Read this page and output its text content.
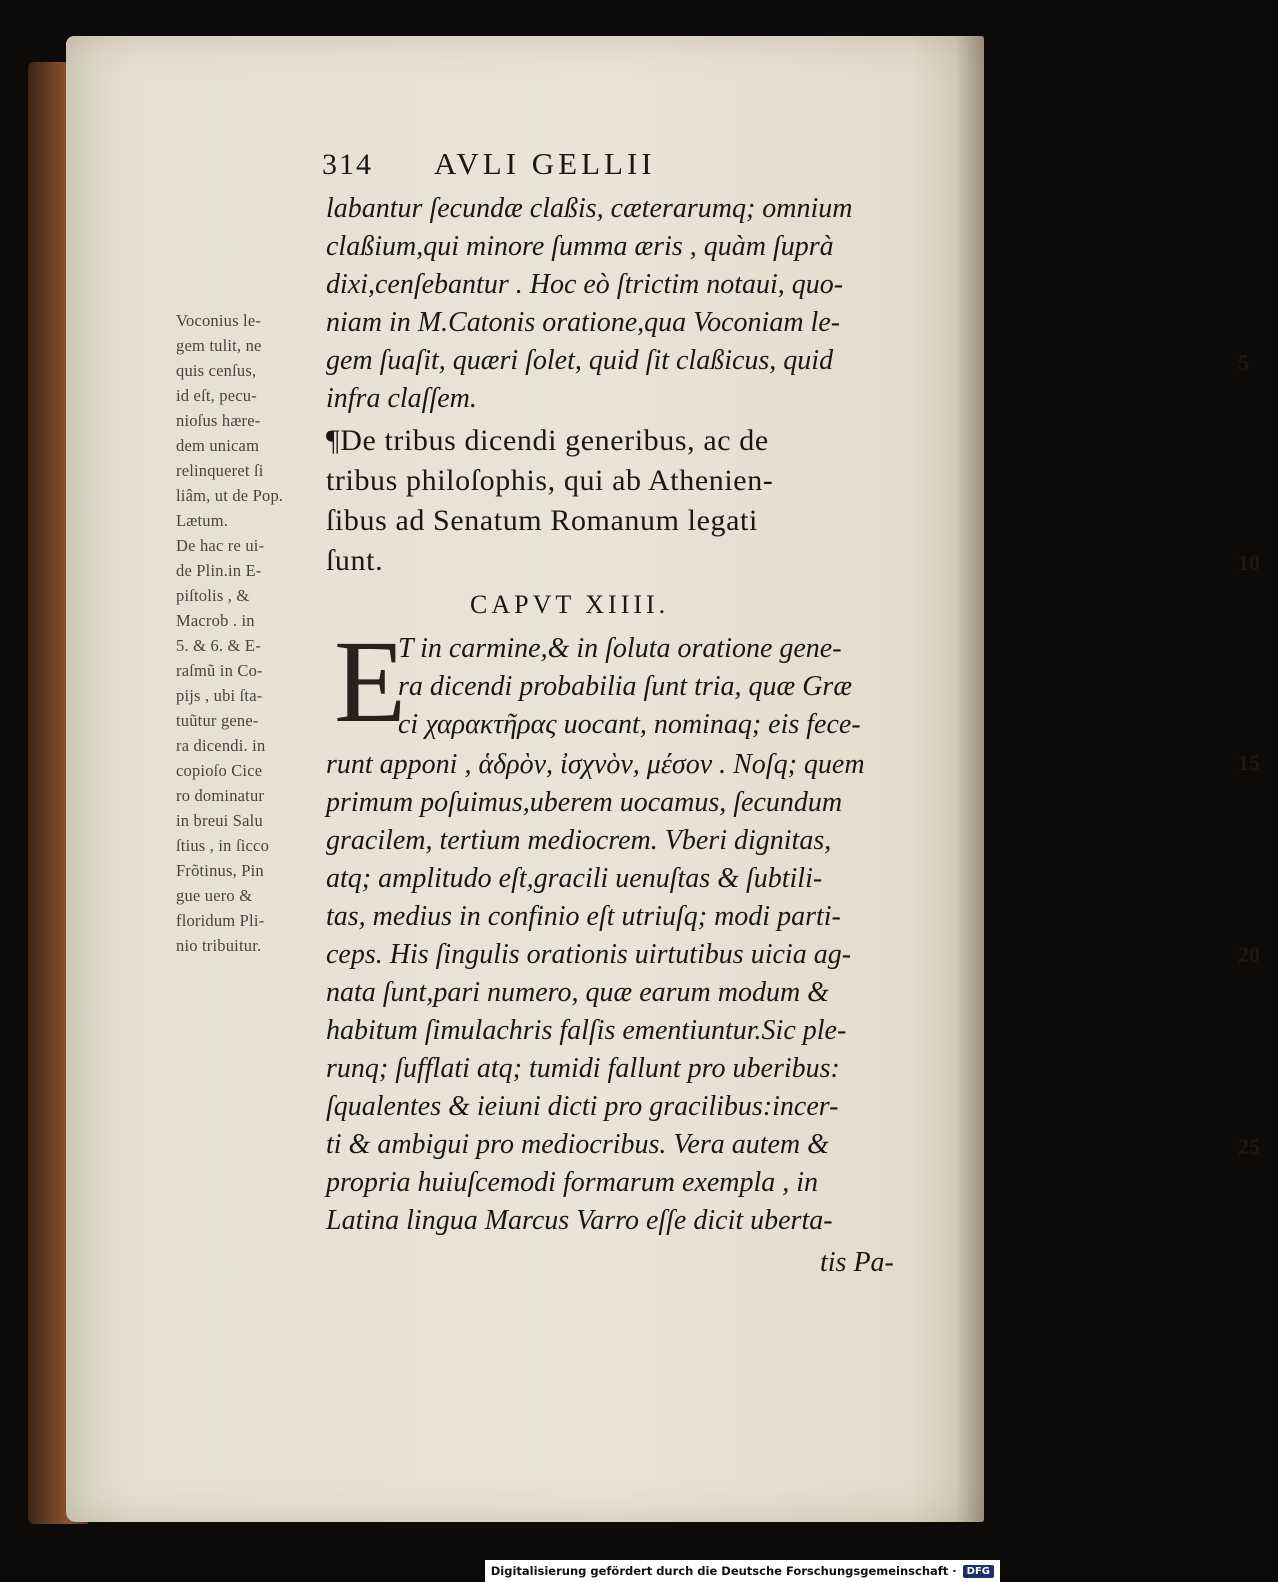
314 AVLI GELLII
E
labantur ſecundæ claßis, cæterarumq; omnium
claßium,qui minore ſumma æris , quàm ſuprà
dixi,cenſebantur . Hoc eò ſtrictim notaui, quo-
niam in M.Catonis oratione,qua Voconiam le-
gem ſuaſit, quæri ſolet, quid ſit claßicus, quid
infra claſſem.
¶De tribus dicendi generibus, ac de
tribus philoſophis, qui ab Athenien-
ſibus ad Senatum Romanum legati
ſunt.
CAPVT XIIII.
T in carmine,& in ſoluta oratione gene-
ra dicendi probabilia ſunt tria, quæ Græ
ci χαρακτῆρας uocant, nominaq; eis fece-
runt apponi , ἁδρὸν, ἰσχνὸν, μέσον . Noſq; quem
primum poſuimus,uberem uocamus, ſecundum
gracilem, tertium mediocrem. Vberi dignitas,
atq; amplitudo eſt,gracili uenuſtas & ſubtili-
tas, medius in confinio eſt utriuſq; modi parti-
ceps. His ſingulis orationis uirtutibus uicia ag-
nata ſunt,pari numero, quæ earum modum &
habitum ſimulachris falſis ementiuntur.Sic ple-
runq; ſufflati atq; tumidi fallunt pro uberibus:
ſqualentes & ieiuni dicti pro gracilibus:incer-
ti & ambigui pro mediocribus. Vera autem &
propria huiuſcemodi formarum exempla , in
Latina lingua Marcus Varro eſſe dicit uberta-
tis Pa-
5
10
15
20
25
Voconius le-
gem tulit, ne
quis cenſus,
id eſt, pecu-
nioſus hære-
dem unicam
relinqueret ſi
liâm, ut de Pop.
Lætum.
De hac re ui-
de Plin.in E-
piſtolis , &
Macrob . in
5. & 6. & E-
raſmũ in Co-
pijs , ubi ſta-
tuũtur gene-
ra dicendi. in
copioſo Cice
ro dominatur
in breui Salu
ſtius , in ſicco
Frõtinus, Pin
gue uero &
floridum Pli-
nio tribuitur.
Digitalisierung gefördert durch die Deutsche Forschungsgemeinschaft ·	DFG
